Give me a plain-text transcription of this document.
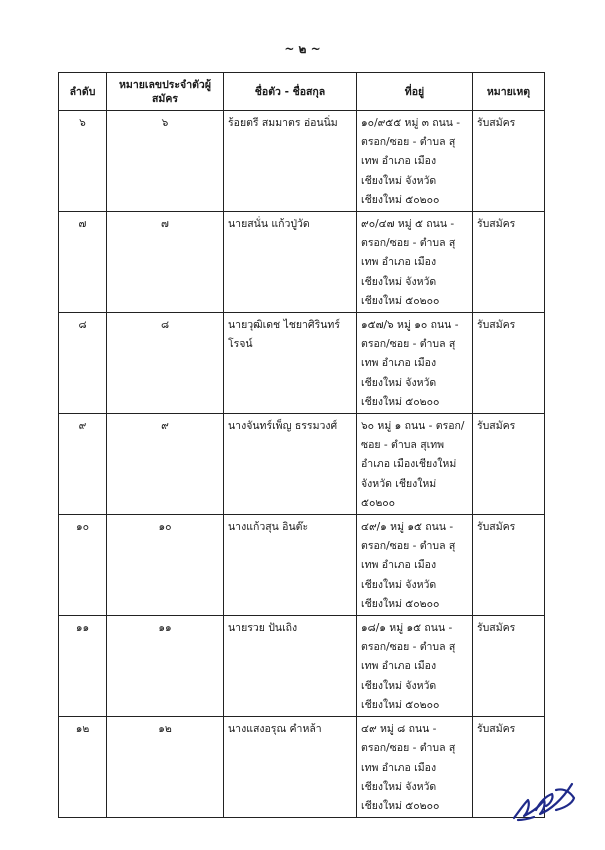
~ ๒ ~
ลำดับ	หมายเลขประจำตัวผู้สมัคร	ชื่อตัว - ชื่อสกุล	ที่อยู่	หมายเหตุ
๖	๖	ร้อยตรี สมมาตร อ่อนนิ่ม	๑๐/๙๕๕ หมู่ ๓ ถนน - ตรอก/ซอย - ตำบล สุเทพ อำเภอ เมืองเชียงใหม่ จังหวัด เชียงใหม่ ๕๐๒๐๐	รับสมัคร
๗	๗	นายสนั่น แก้วปู่วัด	๙๐/๔๗ หมู่ ๕ ถนน - ตรอก/ซอย - ตำบล สุเทพ อำเภอ เมืองเชียงใหม่ จังหวัด เชียงใหม่ ๕๐๒๐๐	รับสมัคร
๘	๘	นายวุฒิเดช ไชยาศิรินทร์โรจน์	๑๕๗/๖ หมู่ ๑๐ ถนน - ตรอก/ซอย - ตำบล สุเทพ อำเภอ เมืองเชียงใหม่ จังหวัด เชียงใหม่ ๕๐๒๐๐	รับสมัคร
๙	๙	นางจันทร์เพ็ญ ธรรมวงศ์	๖๐ หมู่ ๑ ถนน - ตรอก/ซอย - ตำบล สุเทพ อำเภอ เมืองเชียงใหม่ จังหวัด เชียงใหม่ ๕๐๒๐๐	รับสมัคร
๑๐	๑๐	นางแก้วสุน อินต๊ะ	๔๙/๑ หมู่ ๑๕ ถนน - ตรอก/ซอย - ตำบล สุเทพ อำเภอ เมืองเชียงใหม่ จังหวัด เชียงใหม่ ๕๐๒๐๐	รับสมัคร
๑๑	๑๑	นายรวย ปันเถิง	๑๘/๑ หมู่ ๑๕ ถนน - ตรอก/ซอย - ตำบล สุเทพ อำเภอ เมืองเชียงใหม่ จังหวัด เชียงใหม่ ๕๐๒๐๐	รับสมัคร
๑๒	๑๒	นางแสงอรุณ คำหล้า	๔๙ หมู่ ๘ ถนน - ตรอก/ซอย - ตำบล สุเทพ อำเภอ เมืองเชียงใหม่ จังหวัด เชียงใหม่ ๕๐๒๐๐	รับสมัคร
